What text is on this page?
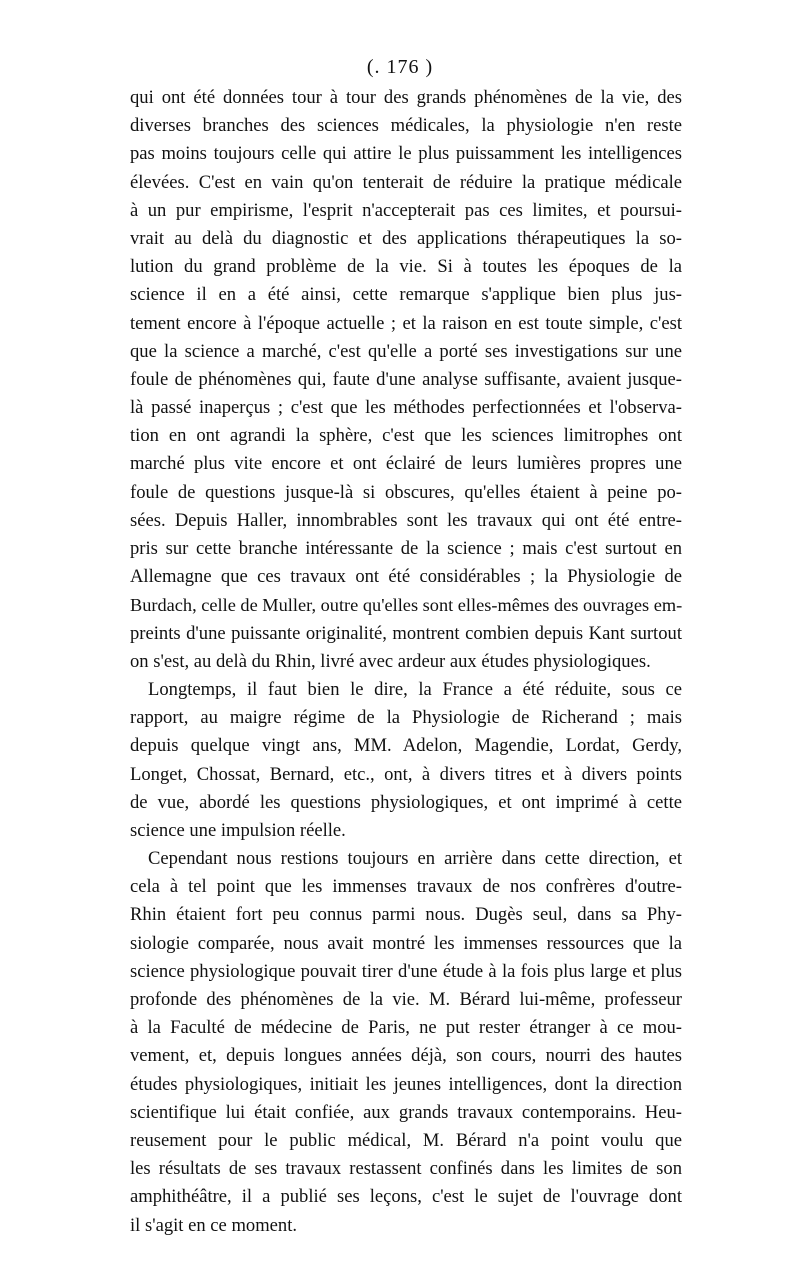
(. 176 )

qui ont été données tour à tour des grands phénomènes de la vie, des
diverses branches des sciences médicales, la physiologie n'en reste
pas moins toujours celle qui attire le plus puissamment les intelligences
élevées. C'est en vain qu'on tenterait de réduire la pratique médicale
à un pur empirisme, l'esprit n'accepterait pas ces limites, et poursui-
vrait au delà du diagnostic et des applications thérapeutiques la so-
lution du grand problème de la vie. Si à toutes les époques de la
science il en a été ainsi, cette remarque s'applique bien plus jus-
tement encore à l'époque actuelle ; et la raison en est toute simple, c'est
que la science a marché, c'est qu'elle a porté ses investigations sur une
foule de phénomènes qui, faute d'une analyse suffisante, avaient jusque-
là passé inaperçus ; c'est que les méthodes perfectionnées et l'observa-
tion en ont agrandi la sphère, c'est que les sciences limitrophes ont
marché plus vite encore et ont éclairé de leurs lumières propres une
foule de questions jusque-là si obscures, qu'elles étaient à peine po-
sées. Depuis Haller, innombrables sont les travaux qui ont été entre-
pris sur cette branche intéressante de la science ; mais c'est surtout en
Allemagne que ces travaux ont été considérables ; la Physiologie de
Burdach, celle de Muller, outre qu'elles sont elles-mêmes des ouvrages em-
preints d'une puissante originalité, montrent combien depuis Kant surtout
on s'est, au delà du Rhin, livré avec ardeur aux études physiologiques.

Longtemps, il faut bien le dire, la France a été réduite, sous ce
rapport, au maigre régime de la Physiologie de Richerand ; mais
depuis quelque vingt ans, MM. Adelon, Magendie, Lordat, Gerdy,
Longet, Chossat, Bernard, etc., ont, à divers titres et à divers points
de vue, abordé les questions physiologiques, et ont imprimé à cette
science une impulsion réelle.

Cependant nous restions toujours en arrière dans cette direction, et
cela à tel point que les immenses travaux de nos confrères d'outre-
Rhin étaient fort peu connus parmi nous. Dugès seul, dans sa Phy-
siologie comparée, nous avait montré les immenses ressources que la
science physiologique pouvait tirer d'une étude à la fois plus large et plus
profonde des phénomènes de la vie. M. Bérard lui-même, professeur
à la Faculté de médecine de Paris, ne put rester étranger à ce mou-
vement, et, depuis longues années déjà, son cours, nourri des hautes
études physiologiques, initiait les jeunes intelligences, dont la direction
scientifique lui était confiée, aux grands travaux contemporains. Heu-
reusement pour le public médical, M. Bérard n'a point voulu que
les résultats de ses travaux restassent confinés dans les limites de son
amphithéâtre, il a publié ses leçons, c'est le sujet de l'ouvrage dont
il s'agit en ce moment.
